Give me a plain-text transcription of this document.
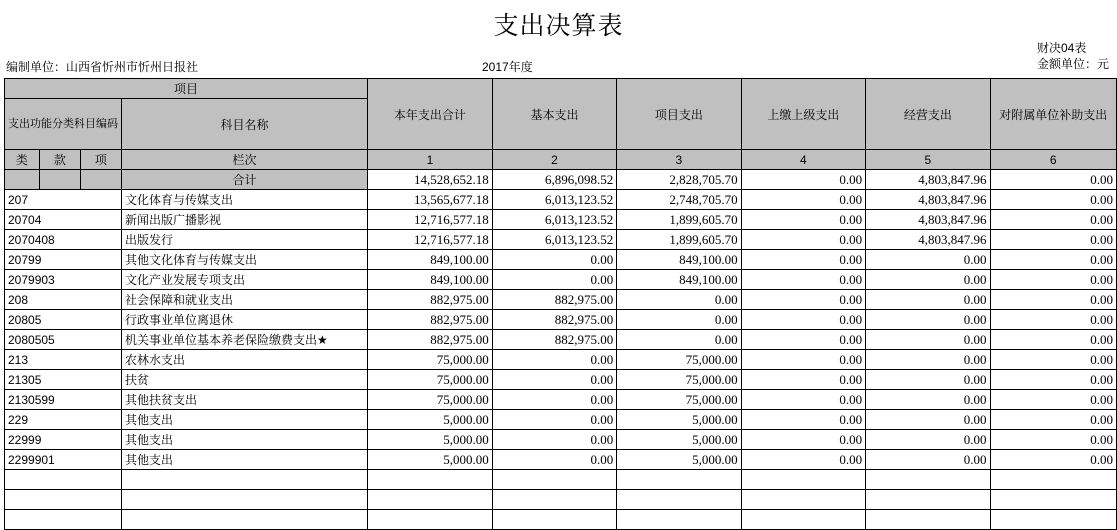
支出决算表
财决04表
金额单位：元
编制单位：山西省忻州市忻州日报社	2017年度
项目				本年支出合计	基本支出	项目支出	上缴上级支出	经营支出	对附属单位补助支出
支出功能分类科目编码			科目名称						
类	款	项	栏次	1	2	3	4	5	6
			合计	14,528,652.18	6,896,098.52	2,828,705.70	0.00	4,803,847.96	0.00
207			文化体育与传媒支出	13,565,677.18	6,013,123.52	2,748,705.70	0.00	4,803,847.96	0.00
20704			新闻出版广播影视	12,716,577.18	6,013,123.52	1,899,605.70	0.00	4,803,847.96	0.00
2070408			出版发行	12,716,577.18	6,013,123.52	1,899,605.70	0.00	4,803,847.96	0.00
20799			其他文化体育与传媒支出	849,100.00	0.00	849,100.00	0.00	0.00	0.00
2079903			文化产业发展专项支出	849,100.00	0.00	849,100.00	0.00	0.00	0.00
208			社会保障和就业支出	882,975.00	882,975.00	0.00	0.00	0.00	0.00
20805			行政事业单位离退休	882,975.00	882,975.00	0.00	0.00	0.00	0.00
2080505			机关事业单位基本养老保险缴费支出★	882,975.00	882,975.00	0.00	0.00	0.00	0.00
213			农林水支出	75,000.00	0.00	75,000.00	0.00	0.00	0.00
21305			扶贫	75,000.00	0.00	75,000.00	0.00	0.00	0.00
2130599			其他扶贫支出	75,000.00	0.00	75,000.00	0.00	0.00	0.00
229			其他支出	5,000.00	0.00	5,000.00	0.00	0.00	0.00
22999			其他支出	5,000.00	0.00	5,000.00	0.00	0.00	0.00
2299901			其他支出	5,000.00	0.00	5,000.00	0.00	0.00	0.00
